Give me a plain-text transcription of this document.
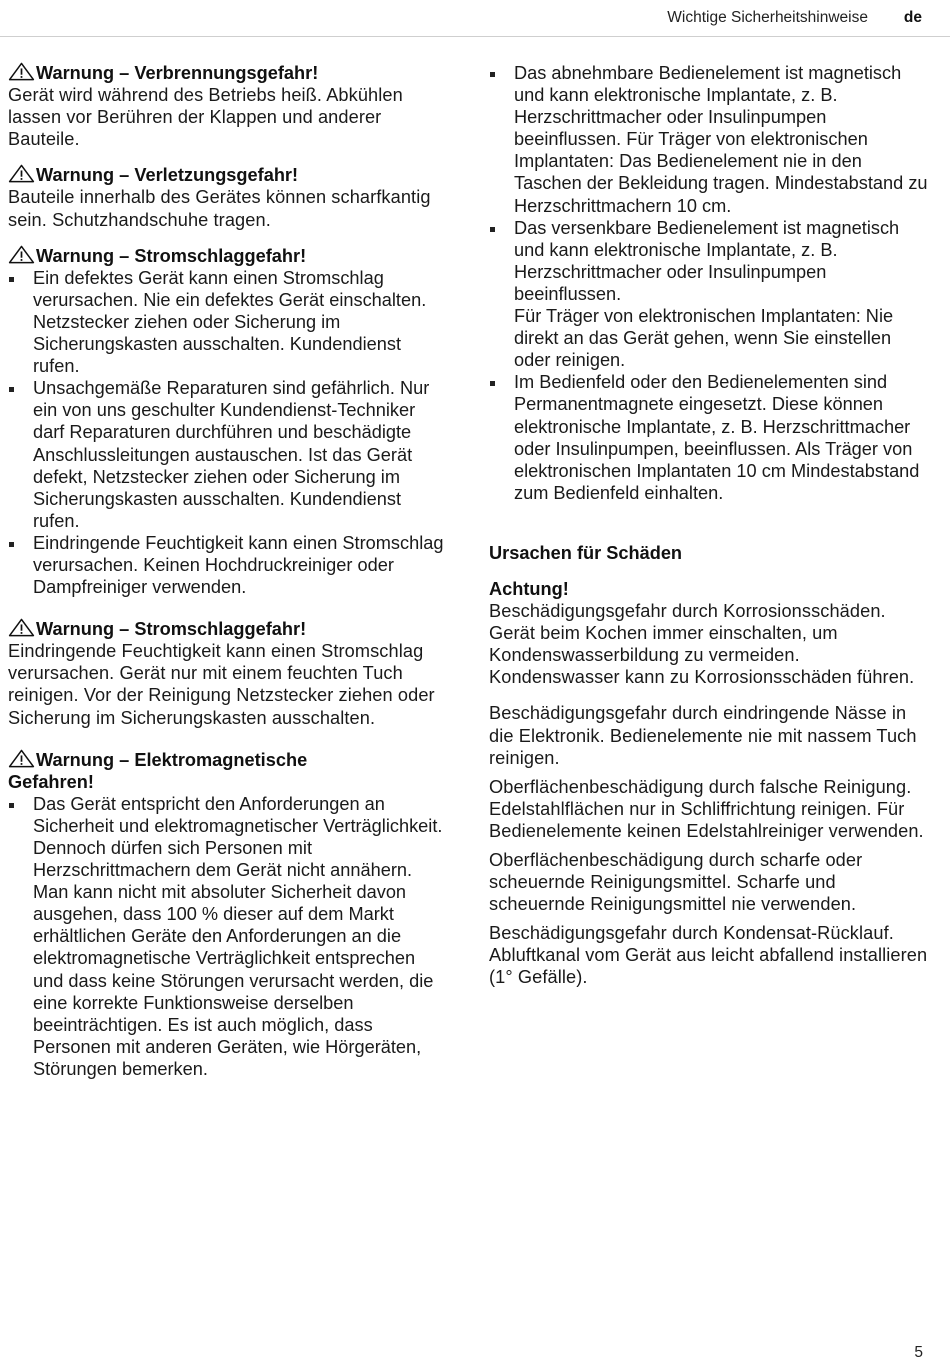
Wichtige Sicherheitshinweise de

Warnung – Verbrennungsgefahr!

Gerät wird während des Betriebs heiß. Abkühlen lassen vor Berühren der Klappen und anderer Bauteile.

Warnung – Verletzungsgefahr!

Bauteile innerhalb des Gerätes können scharfkantig sein. Schutzhandschuhe tragen.

Warnung – Stromschlaggefahr!

Ein defektes Gerät kann einen Stromschlag verursachen. Nie ein defektes Gerät einschalten. Netzstecker ziehen oder Sicherung im Sicherungskasten ausschalten. Kundendienst rufen.
Unsachgemäße Reparaturen sind gefährlich. Nur ein von uns geschulter Kundendienst-Techniker darf Reparaturen durchführen und beschädigte Anschlussleitungen austauschen. Ist das Gerät defekt, Netzstecker ziehen oder Sicherung im Sicherungskasten ausschalten. Kundendienst rufen.
Eindringende Feuchtigkeit kann einen Stromschlag verursachen. Keinen Hochdruckreiniger oder Dampfreiniger verwenden.

Warnung – Stromschlaggefahr!

Eindringende Feuchtigkeit kann einen Stromschlag verursachen. Gerät nur mit einem feuchten Tuch reinigen. Vor der Reinigung Netzstecker ziehen oder Sicherung im Sicherungskasten ausschalten.

Warnung – Elektromagnetische Gefahren!

Das Gerät entspricht den Anforderungen an Sicherheit und elektromagnetischer Verträglichkeit. Dennoch dürfen sich Personen mit Herzschrittmachern dem Gerät nicht annähern. Man kann nicht mit absoluter Sicherheit davon ausgehen, dass 100 % dieser auf dem Markt erhältlichen Geräte den Anforderungen an die elektromagnetische Verträglichkeit entsprechen und dass keine Störungen verursacht werden, die eine korrekte Funktionsweise derselben beeinträchtigen. Es ist auch möglich, dass Personen mit anderen Geräten, wie Hörgeräten, Störungen bemerken.
Das abnehmbare Bedienelement ist magnetisch und kann elektronische Implantate, z. B. Herzschrittmacher oder Insulinpumpen beeinflussen. Für Träger von elektronischen Implantaten: Das Bedienelement nie in den Taschen der Bekleidung tragen. Mindestabstand zu Herzschrittmachern 10 cm.
Das versenkbare Bedienelement ist magnetisch und kann elektronische Implantate, z. B. Herzschrittmacher oder Insulinpumpen beeinflussen.
Für Träger von elektronischen Implantaten: Nie direkt an das Gerät gehen, wenn Sie einstellen oder reinigen.
Im Bedienfeld oder den Bedienelementen sind Permanentmagnete eingesetzt. Diese können elektronische Implantate, z. B. Herzschrittmacher oder Insulinpumpen, beeinflussen. Als Träger von elektronischen Implantaten 10 cm Mindestabstand zum Bedienfeld einhalten.

Ursachen für Schäden

Achtung!

Beschädigungsgefahr durch Korrosionsschäden. Gerät beim Kochen immer einschalten, um Kondenswasserbildung zu vermeiden. Kondenswasser kann zu Korrosionsschäden führen.

Beschädigungsgefahr durch eindringende Nässe in die Elektronik. Bedienelemente nie mit nassem Tuch reinigen.

Oberflächenbeschädigung durch falsche Reinigung. Edelstahlflächen nur in Schliffrichtung reinigen. Für Bedienelemente keinen Edelstahlreiniger verwenden.

Oberflächenbeschädigung durch scharfe oder scheuernde Reinigungsmittel. Scharfe und scheuernde Reinigungsmittel nie verwenden.

Beschädigungsgefahr durch Kondensat-Rücklauf. Abluftkanal vom Gerät aus leicht abfallend installieren (1° Gefälle).

5
